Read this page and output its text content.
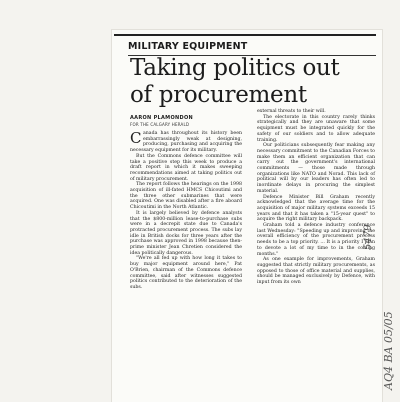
MILITARY EQUIPMENT
Taking politics out
of procurement
AARON PLAMONDON
FOR THE CALGARY HERALD

Canada has throughout its history been embarrassingly weak at designing, producing, purchasing and acquiring the necessary equipment for its military.

But the Commons defence committee will take a positive step this week to produce a draft report in which it makes sweeping recommendations aimed at taking politics out of military procurement.

The report follows the hearings on the 1998 acquisition of ill-fated HMCS Chicoutimi and the three other submarines that were acquired. One was disabled after a fire aboard Chicoutimi in the North Atlantic.

It is largely believed by defence analysts that the $800-million lease-to-purchase subs were in a decrepit state due to Canada's protracted procurement process. The subs lay idle in British docks for three years after the purchase was approved in 1998 because then-prime minister Jean Chretien considered the idea politically dangerous.

"We're all fed up with how long it takes to buy major equipment around here," Pat O'Brien, chairman of the Commons defence committee, said after witnesses suggested politics contributed to the deterioration of the subs.

external threats to their will.

The electorate in this country rarely thinks strategically and they are unaware that some equipment must be integrated quickly for the safety of our soldiers and to allow adequate training.

Our politicians subsequently fear making any necessary commitment to the Canadian Forces to make them an efficient organization that can carry out the government's international commitments — those made through organizations like NATO and Norad. This lack of political will by our leaders has often led to inordinate delays in procuring the simplest material.

Defence Minister Bill Graham recently acknowledged that the average time for the acquisition of major military systems exceeds 15 years and that it has taken a "15-year quest" to acquire the right military backpack.

Graham told a defence industry conference last Wednesday: "Speeding up and improving the overall efficiency of the procurement process needs to be a top priority. ... It is a priority I plan to devote a lot of my time to in the coming months."

As one example for improvements, Graham suggested that strictly military procurements, as opposed to those of office material and supplies, should be managed exclusively by Defence, with input from its own

5479
AQ4 BA 05/05
